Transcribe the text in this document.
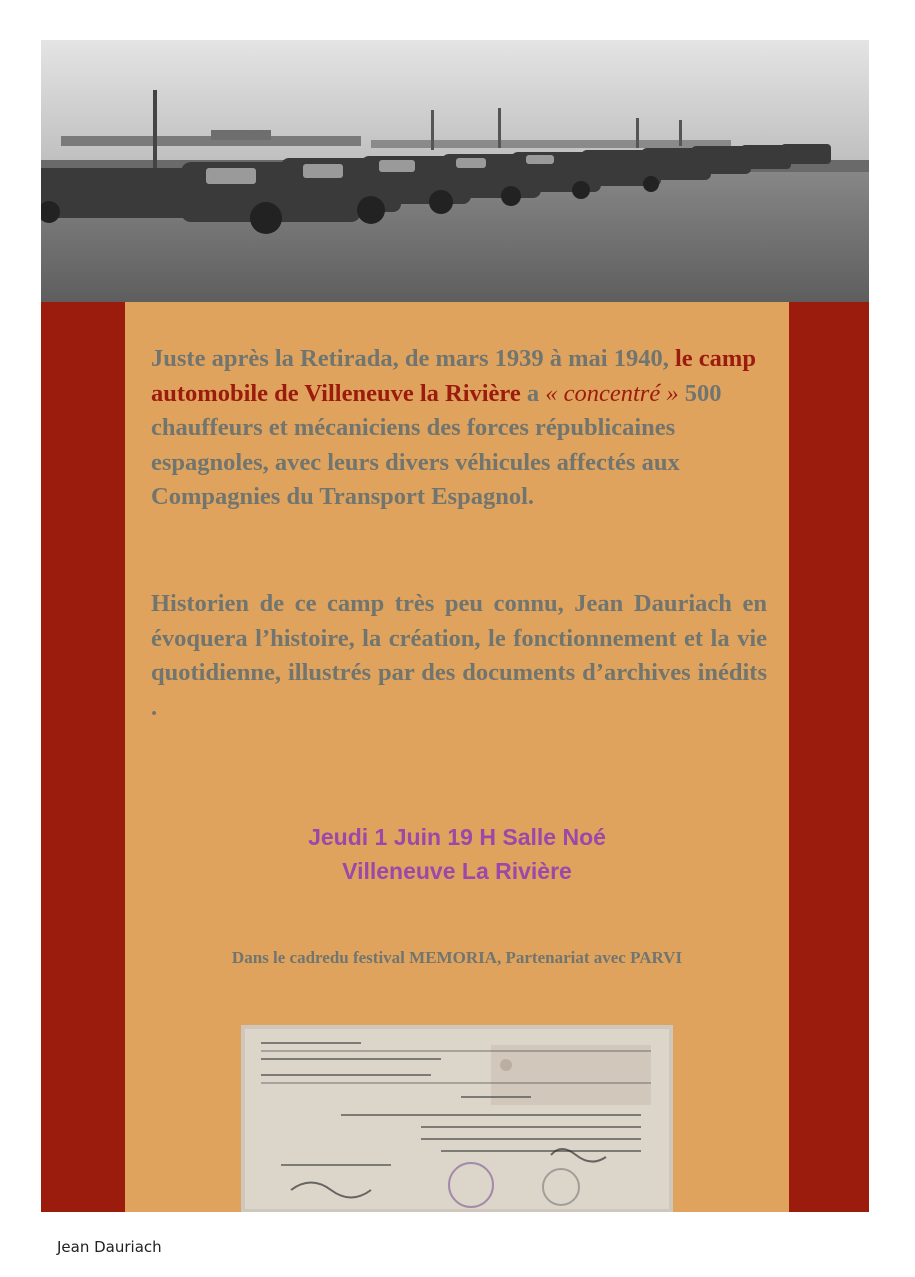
Juste après la Retirada, de mars 1939 à mai 1940, le camp automobile de Villeneuve la Rivière a « concentré » 500 chauffeurs et mécaniciens des forces républicaines espagnoles, avec leurs divers véhicules affectés aux Compagnies du Transport Espagnol.

Historien de ce camp très peu connu, Jean Dauriach en évoquera l’histoire, la création, le fonctionnement et la vie quotidienne, illustrés par des documents d’archives inédits .

Jeudi 1 Juin 19 H Salle Noé
Villeneuve La Rivière
Dans le cadredu festival MEMORIA, Partenariat avec PARVI
Jean Dauriach
